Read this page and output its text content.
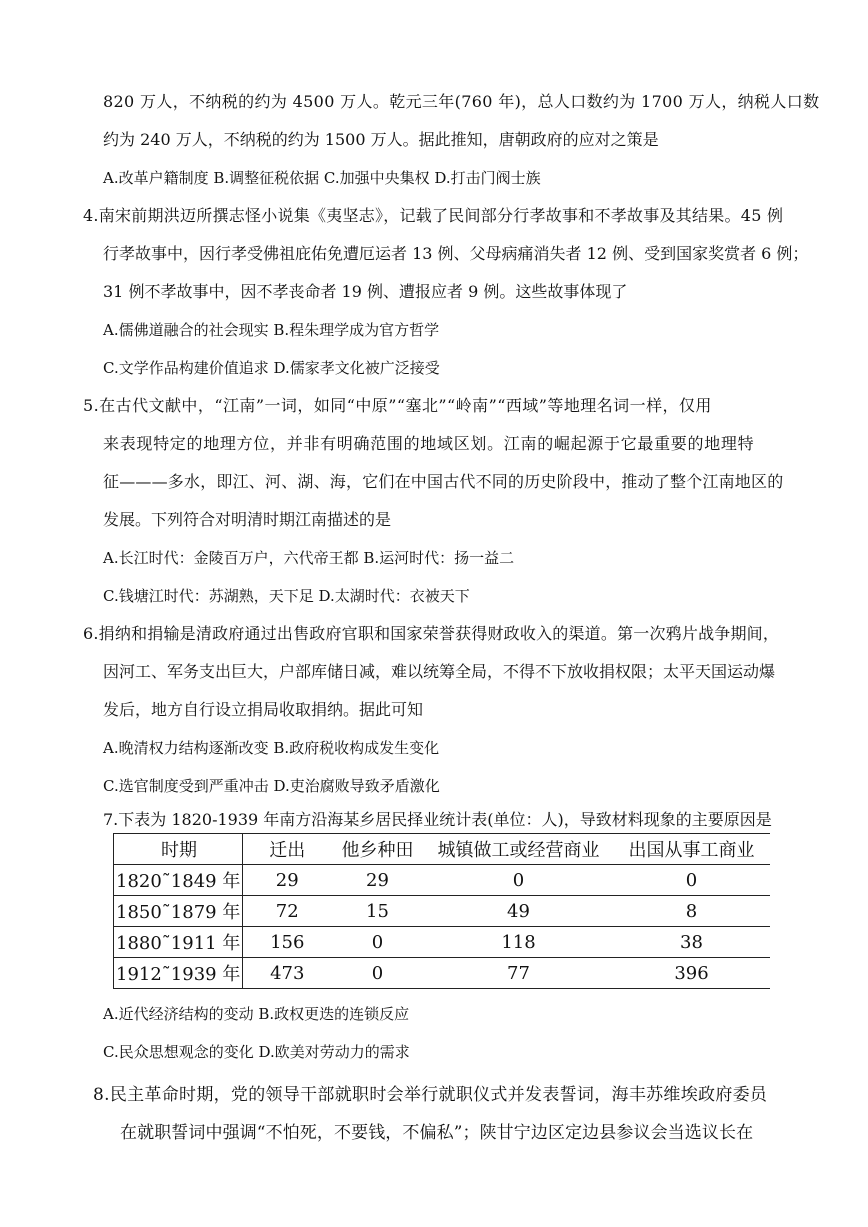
820 万人，不纳税的约为 4500 万人。乾元三年(760 年)，总人口数约为 1700 万人，纳税人口数
约为 240 万人，不纳税的约为 1500 万人。据此推知，唐朝政府的应对之策是
A.改革户籍制度 B.调整征税依据 C.加强中央集权 D.打击门阀士族
4.南宋前期洪迈所撰志怪小说集《夷坚志》，记载了民间部分行孝故事和不孝故事及其结果。45 例
行孝故事中，因行孝受佛祖庇佑免遭厄运者 13 例、父母病痛消失者 12 例、受到国家奖赏者 6 例；
31 例不孝故事中，因不孝丧命者 19 例、遭报应者 9 例。这些故事体现了
A.儒佛道融合的社会现实 B.程朱理学成为官方哲学
C.文学作品构建价值追求 D.儒家孝文化被广泛接受
5.在古代文献中，“江南”一词，如同“中原”“塞北”“岭南”“西域”等地理名词一样，仅用
来表现特定的地理方位，并非有明确范围的地域区划。江南的崛起源于它最重要的地理特
征———多水，即江、河、湖、海，它们在中国古代不同的历史阶段中，推动了整个江南地区的
发展。下列符合对明清时期江南描述的是
A.长江时代：金陵百万户，六代帝王都 B.运河时代：扬一益二
C.钱塘江时代：苏湖熟，天下足 D.太湖时代：衣被天下
6.捐纳和捐输是清政府通过出售政府官职和国家荣誉获得财政收入的渠道。第一次鸦片战争期间，
因河工、军务支出巨大，户部库储日减，难以统筹全局，不得不下放收捐权限；太平天国运动爆
发后，地方自行设立捐局收取捐纳。据此可知
A.晚清权力结构逐渐改变 B.政府税收构成发生变化
C.选官制度受到严重冲击 D.吏治腐败导致矛盾激化
7.下表为 1820-1939 年南方沿海某乡居民择业统计表(单位：人)，导致材料现象的主要原因是
时期	迁出	他乡种田	城镇做工或经营商业	出国从事工商业
1820˜1849 年	29	29	0	0
1850˜1879 年	72	15	49	8
1880˜1911 年	156	0	118	38
1912˜1939 年	473	0	77	396
A.近代经济结构的变动 B.政权更迭的连锁反应
C.民众思想观念的变化 D.欧美对劳动力的需求
8.民主革命时期，党的领导干部就职时会举行就职仪式并发表誓词，海丰苏维埃政府委员
在就职誓词中强调“不怕死，不要钱，不偏私”；陕甘宁边区定边县参议会当选议长在
